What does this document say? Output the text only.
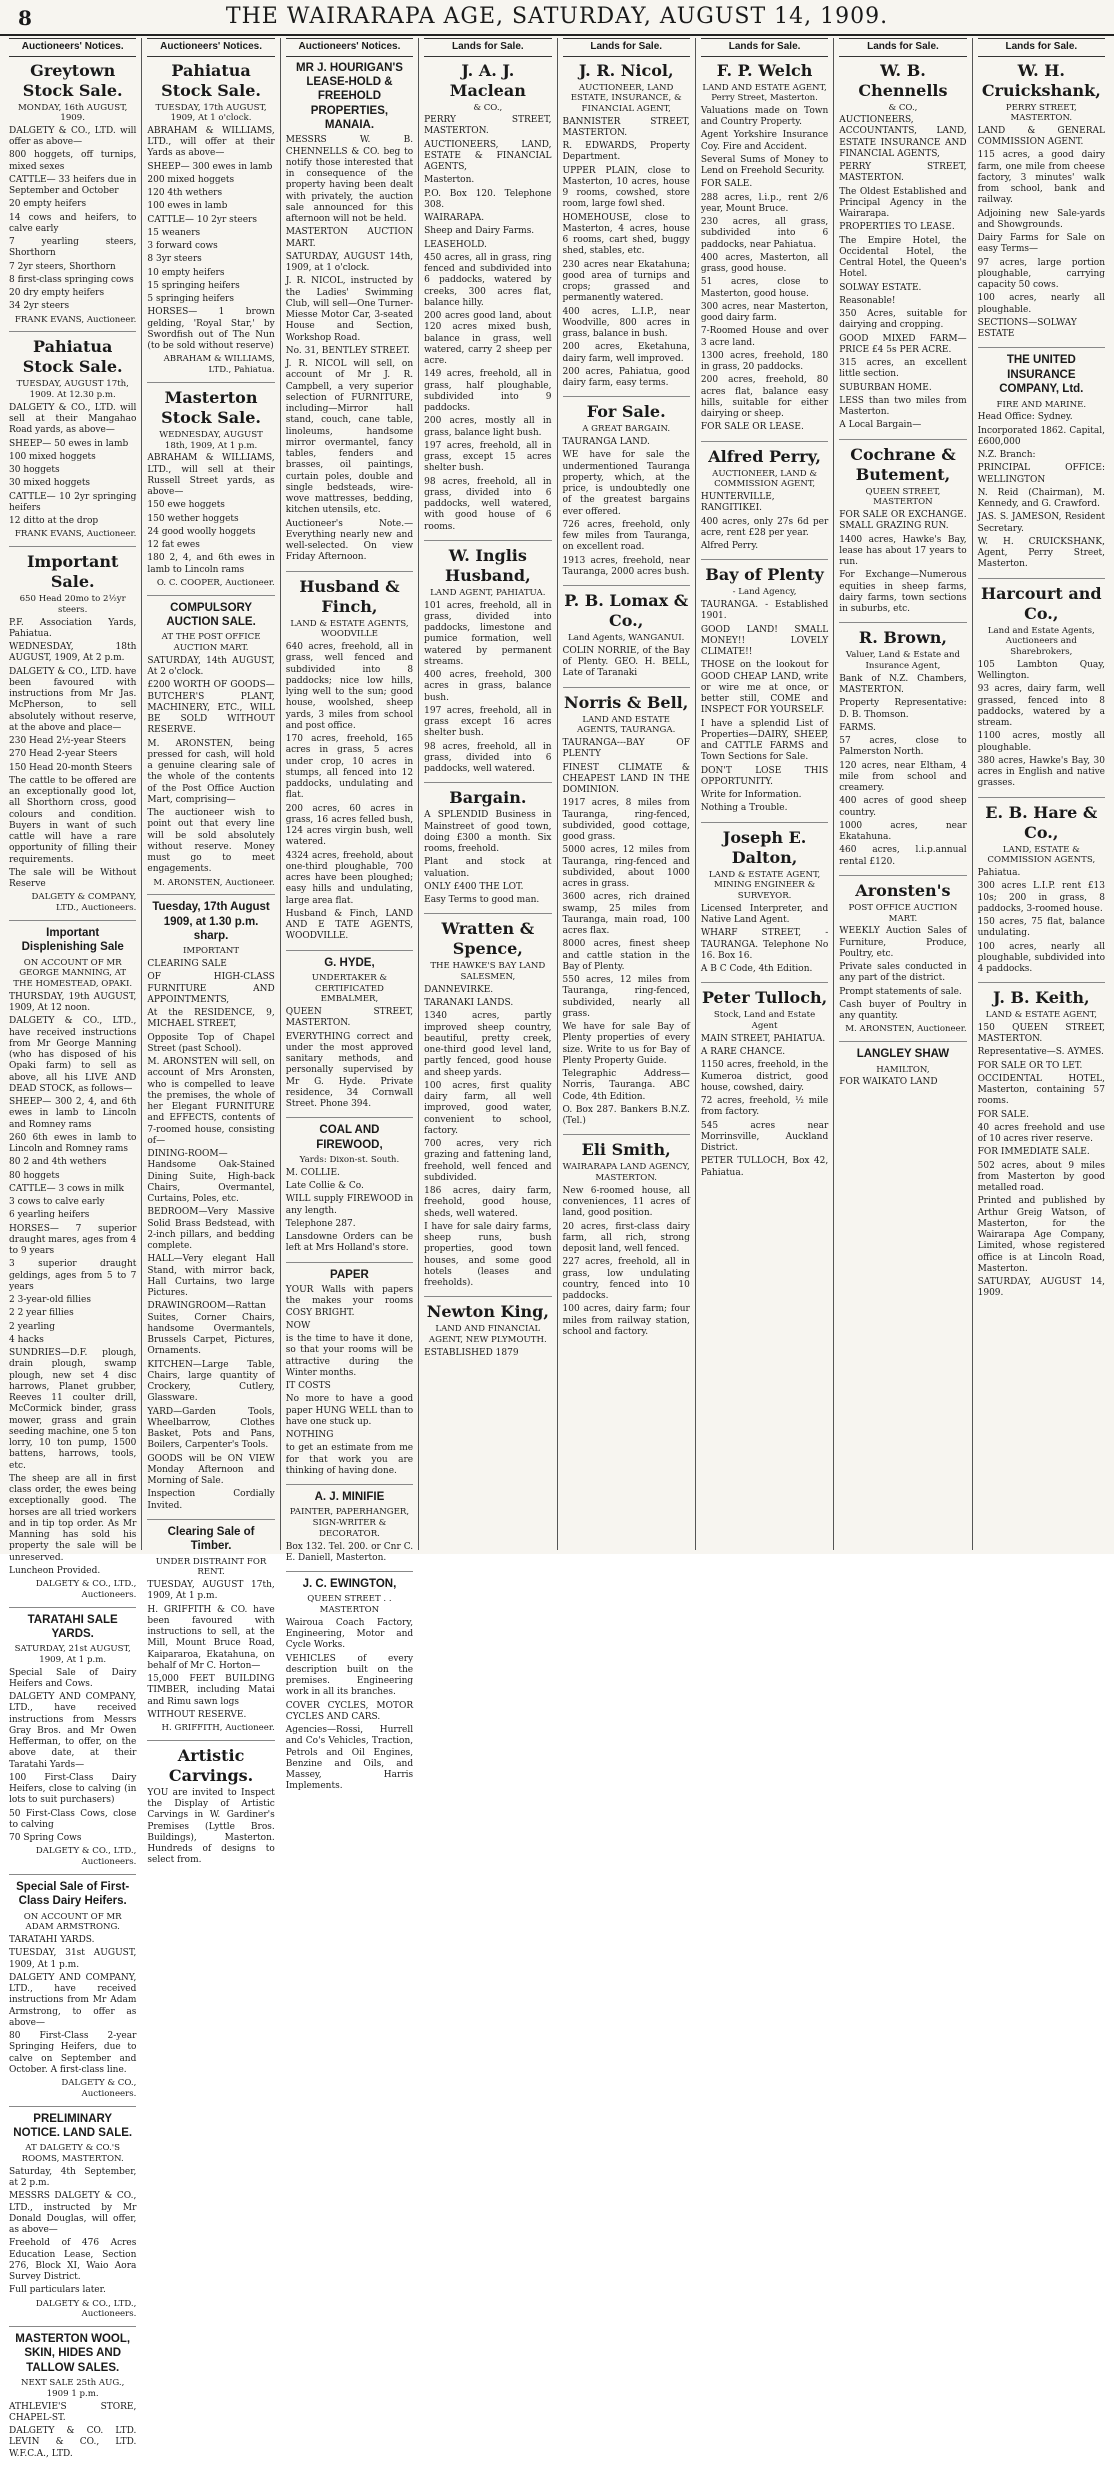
8	THE WAIRARAPA AGE, SATURDAY, AUGUST 14, 1909.
Auctioneers' Notices.
Greytown Stock Sale.
MONDAY, 16th AUGUST, 1909.
DALGETY & CO., LTD. will offer as above—
800 hoggets, off turnips, mixed sexes
CATTLE— 33 heifers due in September and October
20 empty heifers
14 cows and heifers, to calve early
7 yearling steers, Shorthorn
7 2yr steers, Shorthorn
8 first-class springing cows
20 dry empty heifers
34 2yr steers
FRANK EVANS, Auctioneer.
Pahiatua Stock Sale.
TUESDAY, AUGUST 17th, 1909. At 12.30 p.m.
DALGETY & CO., LTD. will sell at their Mangahao Road yards, as above—
SHEEP— 50 ewes in lamb
100 mixed hoggets
30 hoggets
30 mixed hoggets
CATTLE— 10 2yr springing heifers
12 ditto at the drop
FRANK EVANS, Auctioneer.
Important Sale.
650 Head 20mo to 2½yr steers.
P.F. Association Yards, Pahiatua.
WEDNESDAY, 18th AUGUST, 1909, At 2 p.m.
DALGETY & CO., LTD. have been favoured with instructions from Mr Jas. McPherson, to sell absolutely without reserve, at the above and place—
230 Head 2½-year Steers
270 Head 2-year Steers
150 Head 20-month Steers
The cattle to be offered are an exceptionally good lot, all Shorthorn cross, good colours and condition. Buyers in want of such cattle will have a rare opportunity of filling their requirements.
The sale will be Without Reserve
DALGETY & COMPANY, LTD., Auctioneers.
Important Displenishing Sale
ON ACCOUNT OF MR GEORGE MANNING, AT THE HOMESTEAD, OPAKI.
THURSDAY, 19th AUGUST, 1909, At 12 noon.
DALGETY & CO., LTD., have received instructions from Mr George Manning (who has disposed of his Opaki farm) to sell as above, all his LIVE AND DEAD STOCK, as follows—
SHEEP— 300 2, 4, and 6th ewes in lamb to Lincoln and Romney rams
260 6th ewes in lamb to Lincoln and Romney rams
80 2 and 4th wethers
80 hoggets
CATTLE— 3 cows in milk
3 cows to calve early
6 yearling heifers
HORSES— 7 superior draught mares, ages from 4 to 9 years
3 superior draught geldings, ages from 5 to 7 years
2 3-year-old fillies
2 2 year fillies
2 yearling
4 hacks
SUNDRIES—D.F. plough, drain plough, swamp plough, new set 4 disc harrows, Planet grubber, Reeves 11 coulter drill, McCormick binder, grass mower, grass and grain seeding machine, one 5 ton lorry, 10 ton pump, 1500 battens, harrows, tools, etc.
The sheep are all in first class order, the ewes being exceptionally good. The horses are all tried workers and in tip top order. As Mr Manning has sold his property the sale will be unreserved.
Luncheon Provided.
DALGETY & CO., LTD., Auctioneers.
TARATAHI SALE YARDS.
SATURDAY, 21st AUGUST, 1909, At 1 p.m.
Special Sale of Dairy Heifers and Cows.
DALGETY AND COMPANY, LTD., have received instructions from Messrs Gray Bros. and Mr Owen Hefferman, to offer, on the above date, at their Taratahi Yards—
100 First-Class Dairy Heifers, close to calving (in lots to suit purchasers)
50 First-Class Cows, close to calving
70 Spring Cows
DALGETY & CO., LTD., Auctioneers.
Special Sale of First-Class Dairy Heifers.
ON ACCOUNT OF MR ADAM ARMSTRONG.
TARATAHI YARDS.
TUESDAY, 31st AUGUST, 1909, At 1 p.m.
DALGETY AND COMPANY, LTD., have received instructions from Mr Adam Armstrong, to offer as above—
80 First-Class 2-year Springing Heifers, due to calve on September and October. A first-class line.
DALGETY & CO., Auctioneers.
PRELIMINARY NOTICE. LAND SALE.
AT DALGETY & CO.'S ROOMS, MASTERTON.
Saturday, 4th September, at 2 p.m.
MESSRS DALGETY & CO., LTD., instructed by Mr Donald Douglas, will offer, as above—
Freehold of 476 Acres Education Lease, Section 276, Block XI, Waio Aora Survey District.
Full particulars later.
DALGETY & CO., LTD., Auctioneers.
MASTERTON WOOL, SKIN, HIDES AND TALLOW SALES.
NEXT SALE 25th AUG., 1909 1 p.m.
ATHLEVIE'S STORE, CHAPEL-ST.
DALGETY & CO. LTD. LEVIN & CO., LTD. W.F.C.A., LTD.
Auctioneers' Notices.
Pahiatua Stock Sale.
TUESDAY, 17th AUGUST, 1909, At 1 o'clock.
ABRAHAM & WILLIAMS, LTD., will offer at their Yards as above—
SHEEP— 300 ewes in lamb
200 mixed hoggets
120 4th wethers
100 ewes in lamb
CATTLE— 10 2yr steers
15 weaners
3 forward cows
8 3yr steers
10 empty heifers
15 springing heifers
5 springing heifers
HORSES— 1 brown gelding, 'Royal Star,' by Swordfish out of The Nun (to be sold without reserve)
ABRAHAM & WILLIAMS, LTD., Pahiatua.
Masterton Stock Sale.
WEDNESDAY, AUGUST 18th, 1909, At 1 p.m.
ABRAHAM & WILLIAMS, LTD., will sell at their Russell Street yards, as above—
150 ewe hoggets
150 wether hoggets
24 good woolly hoggets
12 fat ewes
180 2, 4, and 6th ewes in lamb to Lincoln rams
O. C. COOPER, Auctioneer.
COMPULSORY AUCTION SALE.
AT THE POST OFFICE AUCTION MART.
SATURDAY, 14th AUGUST, At 2 o'clock.
£200 WORTH OF GOODS—BUTCHER'S PLANT, MACHINERY, ETC., WILL BE SOLD WITHOUT RESERVE.
M. ARONSTEN, being pressed for cash, will hold a genuine clearing sale of the whole of the contents of the Post Office Auction Mart, comprising—
The auctioneer wish to point out that every line will be sold absolutely without reserve. Money must go to meet engagements.
M. ARONSTEN, Auctioneer.
Tuesday, 17th August 1909, at 1.30 p.m. sharp.
IMPORTANT
CLEARING SALE
OF HIGH-CLASS FURNITURE AND APPOINTMENTS,
At the RESIDENCE, 9, MICHAEL STREET,
Opposite Top of Chapel Street (past School).
M. ARONSTEN will sell, on account of Mrs Aronsten, who is compelled to leave the premises, the whole of her Elegant FURNITURE and EFFECTS, contents of 7-roomed house, consisting of—
DINING-ROOM—Handsome Oak-Stained Dining Suite, High-back Chairs, Overmantel, Curtains, Poles, etc.
BEDROOM—Very Massive Solid Brass Bedstead, with 2-inch pillars, and bedding complete.
HALL—Very elegant Hall Stand, with mirror back, Hall Curtains, two large Pictures.
DRAWINGROOM—Rattan Suites, Corner Chairs, handsome Overmantels, Brussels Carpet, Pictures, Ornaments.
KITCHEN—Large Table, Chairs, large quantity of Crockery, Cutlery, Glassware.
YARD—Garden Tools, Wheelbarrow, Clothes Basket, Pots and Pans, Boilers, Carpenter's Tools.
GOODS will be ON VIEW Monday Afternoon and Morning of Sale.
Inspection Cordially Invited.
Clearing Sale of Timber.
UNDER DISTRAINT FOR RENT.
TUESDAY, AUGUST 17th, 1909, At 1 p.m.
H. GRIFFITH & CO. have been favoured with instructions to sell, at the Mill, Mount Bruce Road, Kaipararoa, Ekatahuna, on behalf of Mr C. Horton—
15,000 FEET BUILDING TIMBER, including Matai and Rimu sawn logs
WITHOUT RESERVE.
H. GRIFFITH, Auctioneer.
Artistic Carvings.
YOU are invited to Inspect the Display of Artistic Carvings in W. Gardiner's Premises (Lyttle Bros. Buildings), Masterton. Hundreds of designs to select from.
Auctioneers' Notices.
MR J. HOURIGAN'S LEASE-HOLD & FREEHOLD PROPERTIES, MANAIA.
MESSRS W. B. CHENNELLS & CO. beg to notify those interested that in consequence of the property having been dealt with privately, the auction sale announced for this afternoon will not be held.
MASTERTON AUCTION MART.
SATURDAY, AUGUST 14th, 1909, at 1 o'clock.
J. R. NICOL, instructed by the Ladies' Swimming Club, will sell—One Turner-Miesse Motor Car, 3-seated House and Section, Workshop Road.
No. 31, BENTLEY STREET.
J. R. NICOL will sell, on account of Mr J. R. Campbell, a very superior selection of FURNITURE, including—Mirror hall stand, couch, cane table, linoleums, handsome mirror overmantel, fancy tables, fenders and brasses, oil paintings, curtain poles, double and single bedsteads, wire-wove mattresses, bedding, kitchen utensils, etc.
Auctioneer's Note.—Everything nearly new and well-selected. On view Friday Afternoon.
Husband & Finch,
LAND & ESTATE AGENTS, WOODVILLE
640 acres, freehold, all in grass, well fenced and subdivided into 8 paddocks; nice low hills, lying well to the sun; good house, woolshed, sheep yards, 3 miles from school and post office.
170 acres, freehold, 165 acres in grass, 5 acres under crop, 10 acres in stumps, all fenced into 12 paddocks, undulating and flat.
200 acres, 60 acres in grass, 16 acres felled bush, 124 acres virgin bush, well watered.
4324 acres, freehold, about one-third ploughable, 700 acres have been ploughed; easy hills and undulating, large area flat.
Husband & Finch, LAND AND E TATE AGENTS, WOODVILLE.
G. HYDE,
UNDERTAKER & CERTIFICATED EMBALMER,
QUEEN STREET, MASTERTON.
EVERYTHING correct and under the most approved sanitary methods, and personally supervised by Mr G. Hyde. Private residence, 34 Cornwall Street. Phone 394.
COAL AND FIREWOOD,
Yards: Dixon-st. South.
M. COLLIE.
Late Collie & Co.
WILL supply FIREWOOD in any length.
Telephone 287.
Lansdowne Orders can be left at Mrs Holland's store.
PAPER
YOUR Walls with papers the makes your rooms COSY BRIGHT.
NOW
is the time to have it done, so that your rooms will be attractive during the Winter months.
IT COSTS
No more to have a good paper HUNG WELL than to have one stuck up.
NOTHING
to get an estimate from me for that work you are thinking of having done.
A. J. MINIFIE
PAINTER, PAPERHANGER, SIGN-WRITER & DECORATOR.
Box 132. Tel. 200. or Cnr C. E. Daniell, Masterton.
J. C. EWINGTON,
QUEEN STREET . . MASTERTON
Wairoua Coach Factory, Engineering, Motor and Cycle Works.
VEHICLES of every description built on the premises. Engineering work in all its branches.
COVER CYCLES, MOTOR CYCLES AND CARS.
Agencies—Rossi, Hurrell and Co's Vehicles, Traction, Petrols and Oil Engines, Benzine and Oils, and Massey, Harris Implements.
Lands for Sale.
J. A. J. Maclean
& CO.,
PERRY STREET, MASTERTON.
AUCTIONEERS, LAND, ESTATE & FINANCIAL AGENTS,
Masterton.
P.O. Box 120. Telephone 308.
WAIRARAPA.
Sheep and Dairy Farms.
LEASEHOLD.
450 acres, all in grass, ring fenced and subdivided into 6 paddocks, watered by creeks, 300 acres flat, balance hilly.
200 acres good land, about 120 acres mixed bush, balance in grass, well watered, carry 2 sheep per acre.
149 acres, freehold, all in grass, half ploughable, subdivided into 9 paddocks.
200 acres, mostly all in grass, balance light bush.
197 acres, freehold, all in grass, except 15 acres shelter bush.
98 acres, freehold, all in grass, divided into 6 paddocks, well watered, with good house of 6 rooms.
W. Inglis Husband,
LAND AGENT, PAHIATUA.
101 acres, freehold, all in grass, divided into paddocks, limestone and pumice formation, well watered by permanent streams.
400 acres, freehold, 300 acres in grass, balance bush.
197 acres, freehold, all in grass except 16 acres shelter bush.
98 acres, freehold, all in grass, divided into 6 paddocks, well watered.
Bargain.
A SPLENDID Business in Mainstreet of good town, doing £300 a month. Six rooms, freehold.
Plant and stock at valuation.
ONLY £400 THE LOT.
Easy Terms to good man.
Wratten & Spence,
THE HAWKE'S BAY LAND SALESMEN,
DANNEVIRKE.
TARANAKI LANDS.
1340 acres, partly improved sheep country, beautiful, pretty creek, one-third good level land, partly fenced, good house and sheep yards.
100 acres, first quality dairy farm, all well improved, good water, convenient to school, factory.
700 acres, very rich grazing and fattening land, freehold, well fenced and subdivided.
186 acres, dairy farm, freehold, good house, sheds, well watered.
I have for sale dairy farms, sheep runs, bush properties, good town houses, and some good hotels (leases and freeholds).
Newton King,
LAND AND FINANCIAL AGENT, NEW PLYMOUTH.
ESTABLISHED 1879
Lands for Sale.
J. R. Nicol,
AUCTIONEER, LAND ESTATE, INSURANCE, & FINANCIAL AGENT,
BANNISTER STREET, MASTERTON.
R. EDWARDS, Property Department.
UPPER PLAIN, close to Masterton, 10 acres, house 9 rooms, cowshed, store room, large fowl shed.
HOMEHOUSE, close to Masterton, 4 acres, house 6 rooms, cart shed, buggy shed, stables, etc.
230 acres near Ekatahuna; good area of turnips and crops; grassed and permanently watered.
400 acres, L.I.P., near Woodville, 800 acres in grass, balance in bush.
200 acres, Eketahuna, dairy farm, well improved.
200 acres, Pahiatua, good dairy farm, easy terms.
For Sale.
A GREAT BARGAIN.
TAURANGA LAND.
WE have for sale the undermentioned Tauranga property, which, at the price, is undoubtedly one of the greatest bargains ever offered.
726 acres, freehold, only few miles from Tauranga, on excellent road.
1913 acres, freehold, near Tauranga, 2000 acres bush.
P. B. Lomax & Co.,
Land Agents, WANGANUI.
COLIN NORRIE, of the Bay of Plenty. GEO. H. BELL, Late of Taranaki
Norris & Bell,
LAND AND ESTATE AGENTS, TAURANGA.
TAURANGA---BAY OF PLENTY
FINEST CLIMATE & CHEAPEST LAND IN THE DOMINION.
1917 acres, 8 miles from Tauranga, ring-fenced, subdivided, good cottage, good grass.
5000 acres, 12 miles from Tauranga, ring-fenced and subdivided, about 1000 acres in grass.
3600 acres, rich drained swamp, 25 miles from Tauranga, main road, 100 acres flax.
8000 acres, finest sheep and cattle station in the Bay of Plenty.
550 acres, 12 miles from Tauranga, ring-fenced, subdivided, nearly all grass.
We have for sale Bay of Plenty properties of every size. Write to us for Bay of Plenty Property Guide.
Telegraphic Address—Norris, Tauranga. ABC Code, 4th Edition.
O. Box 287. Bankers B.N.Z. (Tel.)
Eli Smith,
WAIRARAPA LAND AGENCY, MASTERTON.
New 6-roomed house, all conveniences, 11 acres of land, good position.
20 acres, first-class dairy farm, all rich, strong deposit land, well fenced.
227 acres, freehold, all in grass, low undulating country, fenced into 10 paddocks.
100 acres, dairy farm; four miles from railway station, school and factory.
Lands for Sale.
F. P. Welch
LAND AND ESTATE AGENT, Perry Street, Masterton.
Valuations made on Town and Country Property.
Agent Yorkshire Insurance Coy. Fire and Accident.
Several Sums of Money to Lend on Freehold Security.
FOR SALE.
288 acres, l.i.p., rent 2/6 year, Mount Bruce.
230 acres, all grass, subdivided into 6 paddocks, near Pahiatua.
400 acres, Masterton, all grass, good house.
51 acres, close to Masterton, good house.
300 acres, near Masterton, good dairy farm.
7-Roomed House and over 3 acre land.
1300 acres, freehold, 180 in grass, 20 paddocks.
200 acres, freehold, 80 acres flat, balance easy hills, suitable for either dairying or sheep.
FOR SALE OR LEASE.
Alfred Perry,
AUCTIONEER, LAND & COMMISSION AGENT,
HUNTERVILLE, RANGITIKEI.
400 acres, only 27s 6d per acre, rent £28 per year.
Alfred Perry.
Bay of Plenty
- Land Agency,
TAURANGA. - Established 1901.
GOOD LAND! SMALL MONEY!! LOVELY CLIMATE!!
THOSE on the lookout for GOOD CHEAP LAND, write or wire me at once, or better still, COME and INSPECT FOR YOURSELF.
I have a splendid List of Properties—DAIRY, SHEEP, and CATTLE FARMS and Town Sections for Sale.
DON'T LOSE THIS OPPORTUNITY.
Write for Information.
Nothing a Trouble.
Joseph E. Dalton,
LAND & ESTATE AGENT, MINING ENGINEER & SURVEYOR.
Licensed Interpreter, and Native Land Agent.
WHARF STREET, - TAURANGA. Telephone No 16. Box 16.
A B C Code, 4th Edition.
Peter Tulloch,
Stock, Land and Estate Agent
MAIN STREET, PAHIATUA.
A RARE CHANCE.
1150 acres, freehold, in the Kumeroa district, good house, cowshed, dairy.
72 acres, freehold, ½ mile from factory.
545 acres near Morrinsville, Auckland District.
PETER TULLOCH, Box 42, Pahiatua.
Lands for Sale.
W. B. Chennells
& CO.,
AUCTIONEERS, ACCOUNTANTS, LAND, ESTATE INSURANCE AND FINANCIAL AGENTS,
PERRY STREET, MASTERTON.
The Oldest Established and Principal Agency in the Wairarapa.
PROPERTIES TO LEASE.
The Empire Hotel, the Occidental Hotel, the Central Hotel, the Queen's Hotel.
SOLWAY ESTATE.
Reasonable!
350 Acres, suitable for dairying and cropping.
GOOD MIXED FARM—PRICE £4 5s PER ACRE.
315 acres, an excellent little section.
SUBURBAN HOME.
LESS than two miles from Masterton.
A Local Bargain—
Cochrane & Butement,
QUEEN STREET, MASTERTON
FOR SALE OR EXCHANGE. SMALL GRAZING RUN.
1400 acres, Hawke's Bay, lease has about 17 years to run.
For Exchange—Numerous equities in sheep farms, dairy farms, town sections in suburbs, etc.
R. Brown,
Valuer, Land & Estate and Insurance Agent,
Bank of N.Z. Chambers, MASTERTON.
Property Representative: D. B. Thomson.
FARMS.
57 acres, close to Palmerston North.
120 acres, near Eltham, 4 mile from school and creamery.
400 acres of good sheep country.
1000 acres, near Ekatahuna.
460 acres, l.i.p.annual rental £120.
Aronsten's
POST OFFICE AUCTION MART.
WEEKLY Auction Sales of Furniture, Produce, Poultry, etc.
Private sales conducted in any part of the district.
Prompt statements of sale.
Cash buyer of Poultry in any quantity.
M. ARONSTEN, Auctioneer.
LANGLEY SHAW
HAMILTON,
FOR WAIKATO LAND
Lands for Sale.
W. H. Cruickshank,
PERRY STREET, MASTERTON.
LAND & GENERAL COMMISSION AGENT.
115 acres, a good dairy farm, one mile from cheese factory, 3 minutes' walk from school, bank and railway.
Adjoining new Sale-yards and Showgrounds.
Dairy Farms for Sale on easy Terms—
97 acres, large portion ploughable, carrying capacity 50 cows.
100 acres, nearly all ploughable.
SECTIONS—SOLWAY ESTATE
THE UNITED INSURANCE COMPANY, Ltd.
FIRE AND MARINE.
Head Office: Sydney.
Incorporated 1862. Capital, £600,000
N.Z. Branch:
PRINCIPAL OFFICE: WELLINGTON
N. Reid (Chairman), M. Kennedy, and G. Crawford.
JAS. S. JAMESON, Resident Secretary.
W. H. CRUICKSHANK, Agent, Perry Street, Masterton.
Harcourt and Co.,
Land and Estate Agents, Auctioneers and Sharebrokers,
105 Lambton Quay, Wellington.
93 acres, dairy farm, well grassed, fenced into 8 paddocks, watered by a stream.
1100 acres, mostly all ploughable.
380 acres, Hawke's Bay, 30 acres in English and native grasses.
E. B. Hare & Co.,
LAND, ESTATE & COMMISSION AGENTS,
Pahiatua.
300 acres L.I.P. rent £13 10s; 200 in grass, 8 paddocks, 3-roomed house.
150 acres, 75 flat, balance undulating.
100 acres, nearly all ploughable, subdivided into 4 paddocks.
J. B. Keith,
LAND & ESTATE AGENT,
150 QUEEN STREET, MASTERTON.
Representative—S. AYMES.
FOR SALE OR TO LET.
OCCIDENTAL HOTEL, Masterton, containing 57 rooms.
FOR SALE.
40 acres freehold and use of 10 acres river reserve.
FOR IMMEDIATE SALE.
502 acres, about 9 miles from Masterton by good metalled road.
Printed and published by Arthur Greig Watson, of Masterton, for the Wairarapa Age Company, Limited, whose registered office is at Lincoln Road, Masterton.
SATURDAY, AUGUST 14, 1909.
